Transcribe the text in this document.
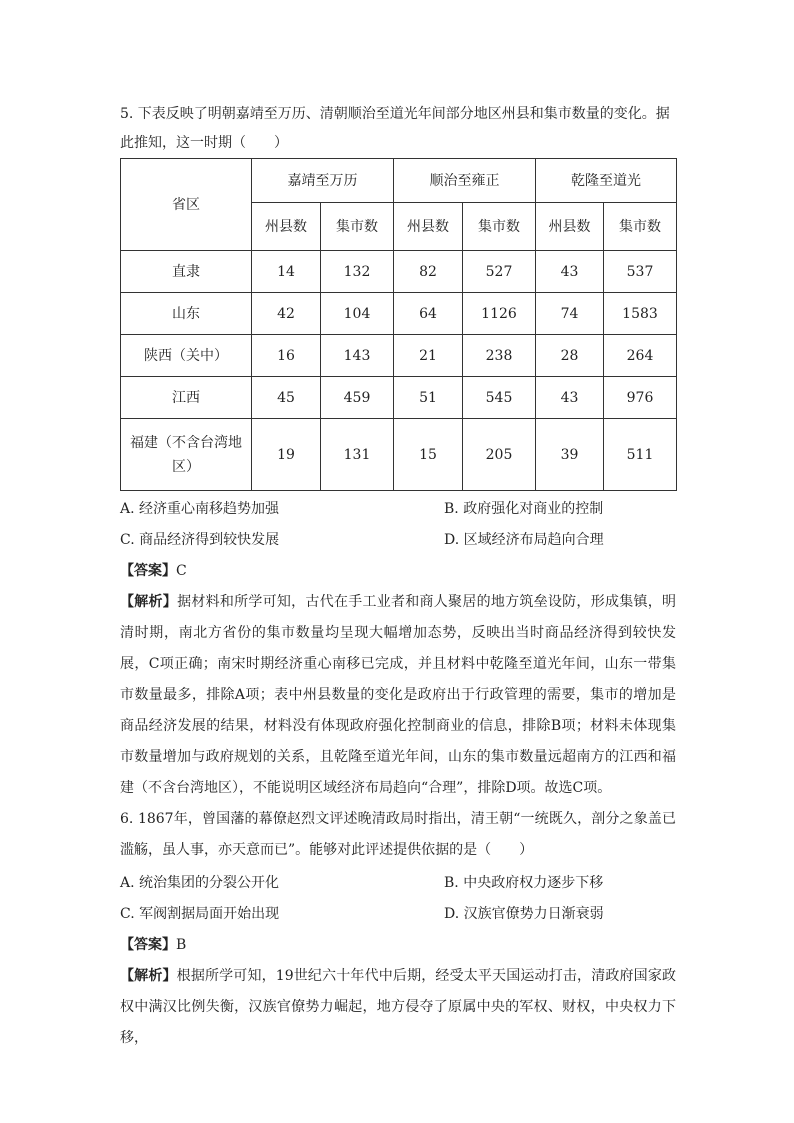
5. 下表反映了明朝嘉靖至万历、清朝顺治至道光年间部分地区州县和集市数量的变化。据
此推知，这一时期（　　）
省区	嘉靖至万历		顺治至雍正		乾隆至道光	
	州县数	集市数	州县数	集市数	州县数	集市数
直隶	14	132	82	527	43	537
山东	42	104	64	1126	74	1583
陕西（关中）	16	143	21	238	28	264
江西	45	459	51	545	43	976
福建（不含台湾地区）	19	131	15	205	39	511
A. 经济重心南移趋势加强	B. 政府强化对商业的控制
C. 商品经济得到较快发展	D. 区域经济布局趋向合理
【答案】C
【解析】据材料和所学可知，古代在手工业者和商人聚居的地方筑垒设防，形成集镇，明清时期，南北方省份的集市数量均呈现大幅增加态势，反映出当时商品经济得到较快发展，C项正确；南宋时期经济重心南移已完成，并且材料中乾隆至道光年间，山东一带集市数量最多，排除A项；表中州县数量的变化是政府出于行政管理的需要，集市的增加是商品经济发展的结果，材料没有体现政府强化控制商业的信息，排除B项；材料未体现集市数量增加与政府规划的关系，且乾隆至道光年间，山东的集市数量远超南方的江西和福建（不含台湾地区），不能说明区域经济布局趋向“合理”，排除D项。故选C项。
6. 1867年，曾国藩的幕僚赵烈文评述晚清政局时指出，清王朝“一统既久，剖分之象盖已滥觞，虽人事，亦天意而已”。能够对此评述提供依据的是（　　）
A. 统治集团的分裂公开化	B. 中央政府权力逐步下移
C. 军阀割据局面开始出现	D. 汉族官僚势力日渐衰弱
【答案】B
【解析】根据所学可知，19世纪六十年代中后期，经受太平天国运动打击，清政府国家政权中满汉比例失衡，汉族官僚势力崛起，地方侵夺了原属中央的军权、财权，中央权力下移，
